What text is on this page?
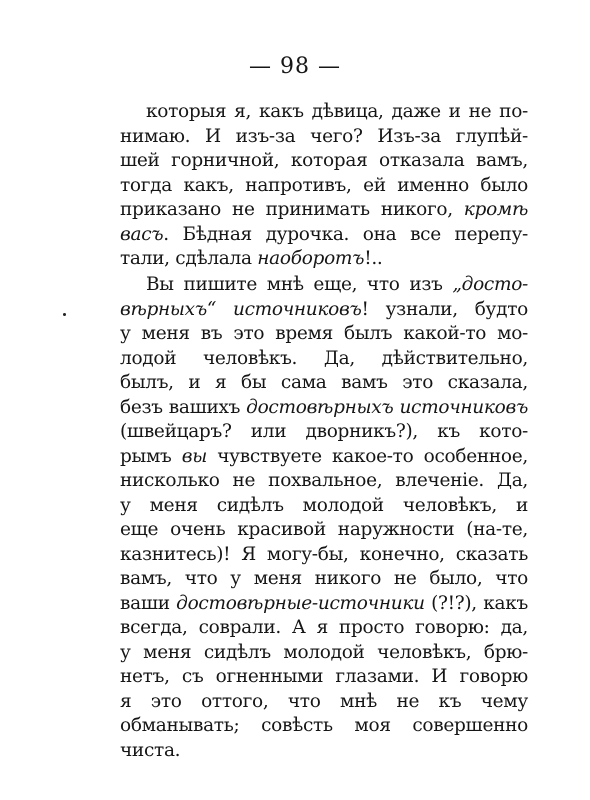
— 98 —
которыя я, какъ дѣвица, даже и не по-
нимаю. И изъ-за чего? Изъ-за глупѣй-
шей горничной, которая отказала вамъ,
тогда какъ, напротивъ, ей именно было
приказано не принимать никого, кромѣ
васъ. Бѣдная дурочка. она все перепу-
тали, сдѣлала наоборотъ!..
Вы пишите мнѣ еще, что изъ „досто-
вѣрныхъ“ источниковъ! узнали, будто
у меня въ это время былъ какой-то мо-
лодой человѣкъ. Да, дѣйствительно,
былъ, и я бы сама вамъ это сказала,
безъ вашихъ достовѣрныхъ источниковъ
(швейцаръ? или дворникъ?), къ кото-
рымъ вы чувствуете какое-то особенное,
нисколько не похвальное, влеченiе. Да,
у меня сидѣлъ молодой человѣкъ, и
еще очень красивой наружности (на-те,
казнитесь)! Я могу-бы, конечно, сказать
вамъ, что у меня никого не было, что
ваши достовѣрные-источники (?!?), какъ
всегда, соврали. А я просто говорю: да,
у меня сидѣлъ молодой человѣкъ, брю-
нетъ, съ огненными глазами. И говорю
я это оттого, что мнѣ не къ чему
обманывать; совѣсть моя совершенно
чиста.
